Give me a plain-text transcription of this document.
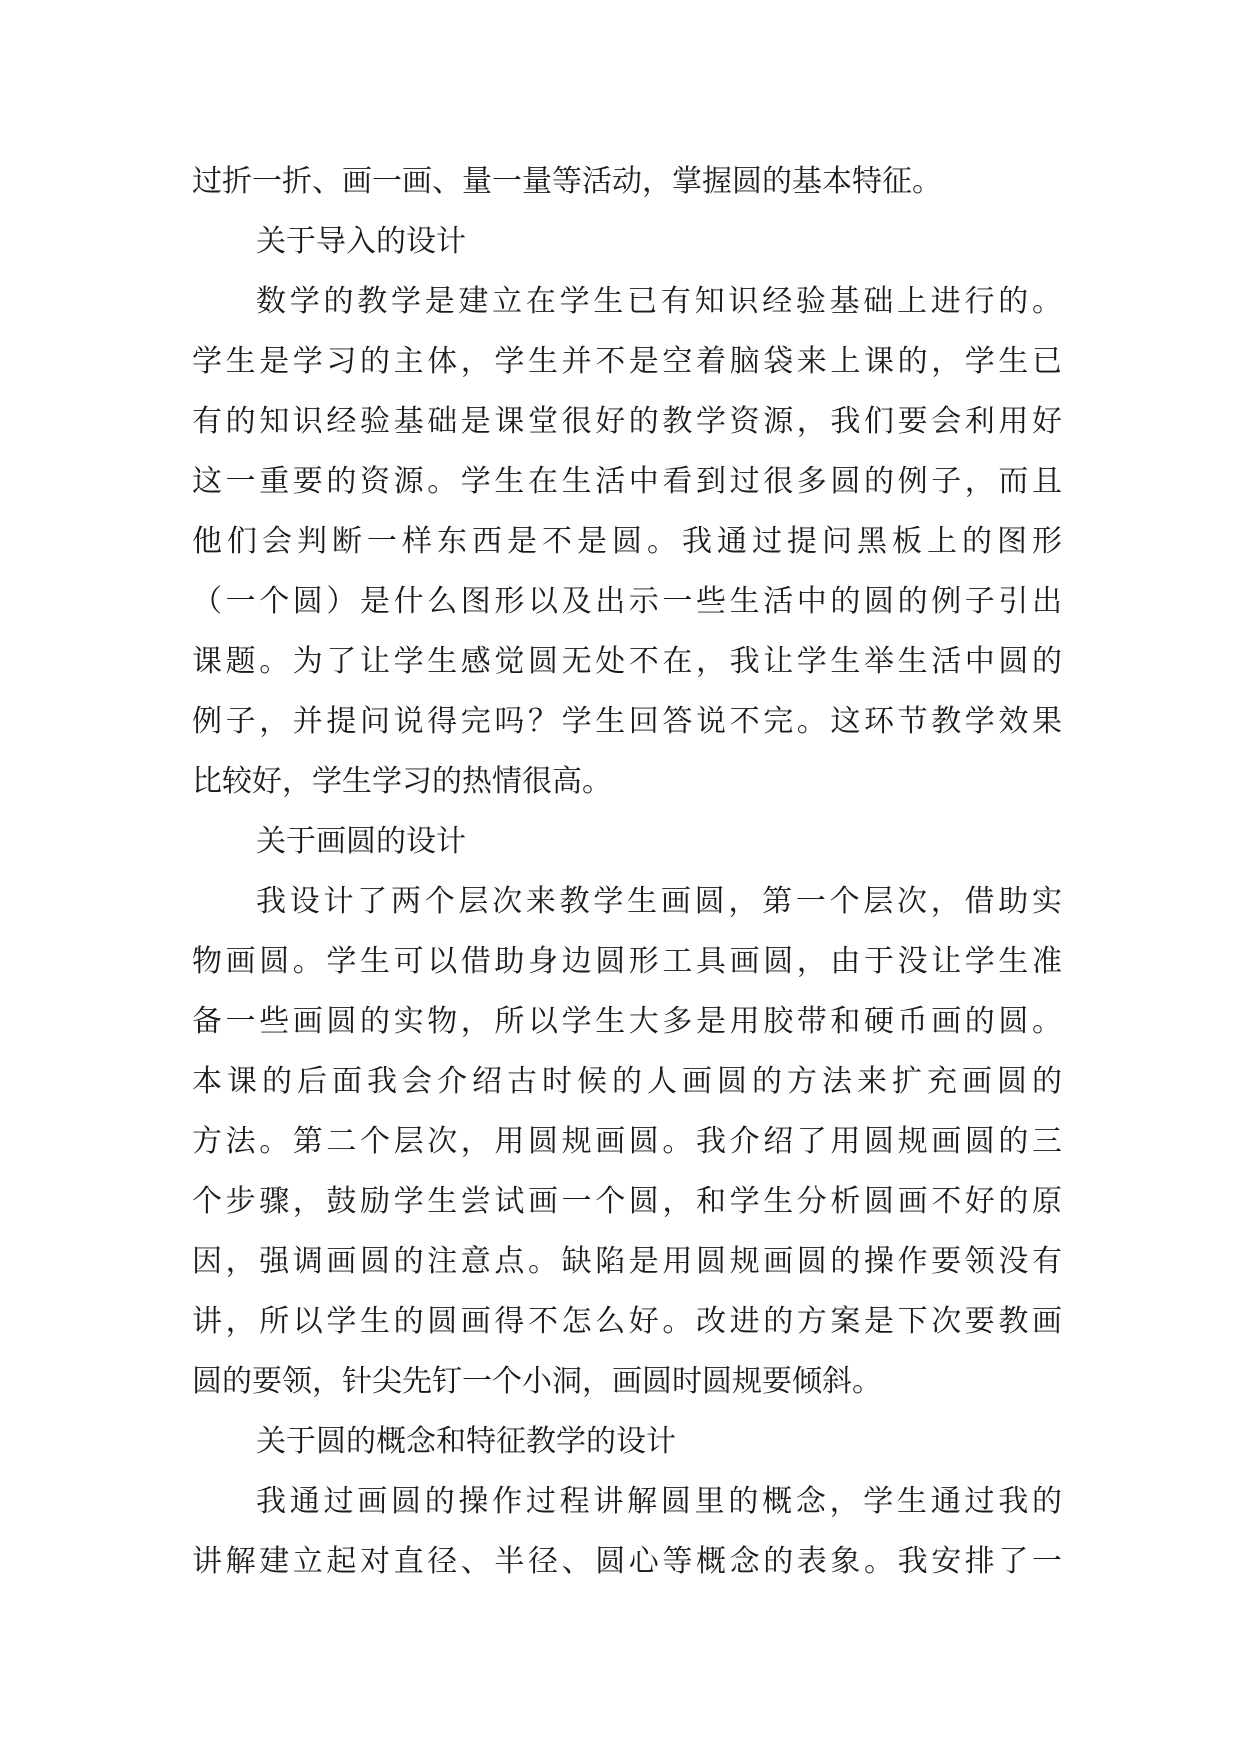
过折一折、画一画、量一量等活动，掌握圆的基本特征。
关于导入的设计
数学的教学是建立在学生已有知识经验基础上进行的。
学生是学习的主体，学生并不是空着脑袋来上课的，学生已
有的知识经验基础是课堂很好的教学资源，我们要会利用好
这一重要的资源。学生在生活中看到过很多圆的例子，而且
他们会判断一样东西是不是圆。我通过提问黑板上的图形
（一个圆）是什么图形以及出示一些生活中的圆的例子引出
课题。为了让学生感觉圆无处不在，我让学生举生活中圆的
例子，并提问说得完吗？学生回答说不完。这环节教学效果
比较好，学生学习的热情很高。
关于画圆的设计
我设计了两个层次来教学生画圆，第一个层次，借助实
物画圆。学生可以借助身边圆形工具画圆，由于没让学生准
备一些画圆的实物，所以学生大多是用胶带和硬币画的圆。
本课的后面我会介绍古时候的人画圆的方法来扩充画圆的
方法。第二个层次，用圆规画圆。我介绍了用圆规画圆的三
个步骤，鼓励学生尝试画一个圆，和学生分析圆画不好的原
因，强调画圆的注意点。缺陷是用圆规画圆的操作要领没有
讲，所以学生的圆画得不怎么好。改进的方案是下次要教画
圆的要领，针尖先钉一个小洞，画圆时圆规要倾斜。
关于圆的概念和特征教学的设计
我通过画圆的操作过程讲解圆里的概念，学生通过我的
讲解建立起对直径、半径、圆心等概念的表象。我安排了一
